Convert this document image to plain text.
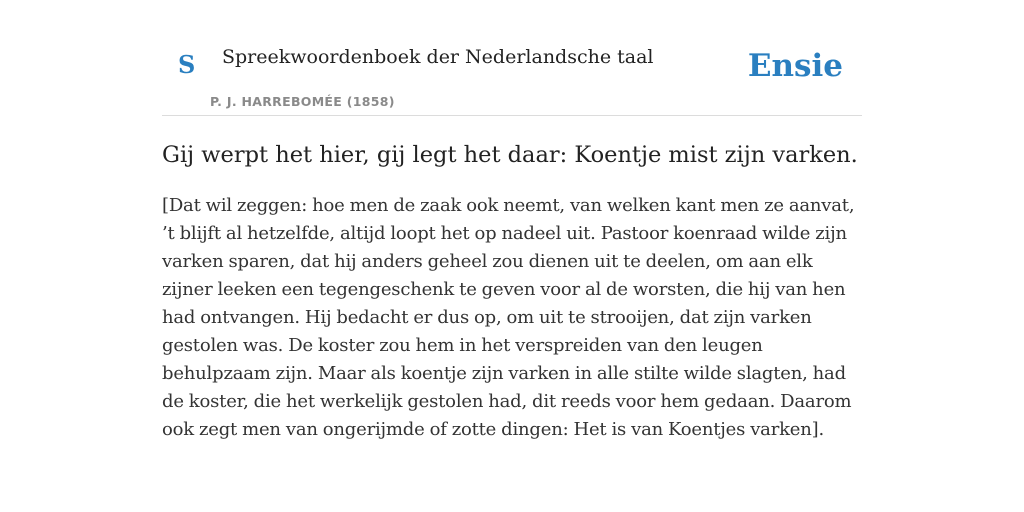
S Spreekwoordenboek der Nederlandsche taal
P. J. HARREBOMÉE (1858)
Ensie
Gij werpt het hier, gij legt het daar: Koentje mist zijn varken.

[Dat wil zeggen: hoe men de zaak ook neemt, van welken kant men ze aanvat, ’t blijft al hetzelfde, altijd loopt het op nadeel uit. Pastoor koenraad wilde zijn varken sparen, dat hij anders geheel zou dienen uit te deelen, om aan elk zijner leeken een tegengeschenk te geven voor al de worsten, die hij van hen had ontvangen. Hij bedacht er dus op, om uit te strooijen, dat zijn varken gestolen was. De koster zou hem in het verspreiden van den leugen behulpzaam zijn. Maar als koentje zijn varken in alle stilte wilde slagten, had de koster, die het werkelijk gestolen had, dit reeds voor hem gedaan. Daarom ook zegt men van ongerijmde of zotte dingen: Het is van Koentjes varken].
